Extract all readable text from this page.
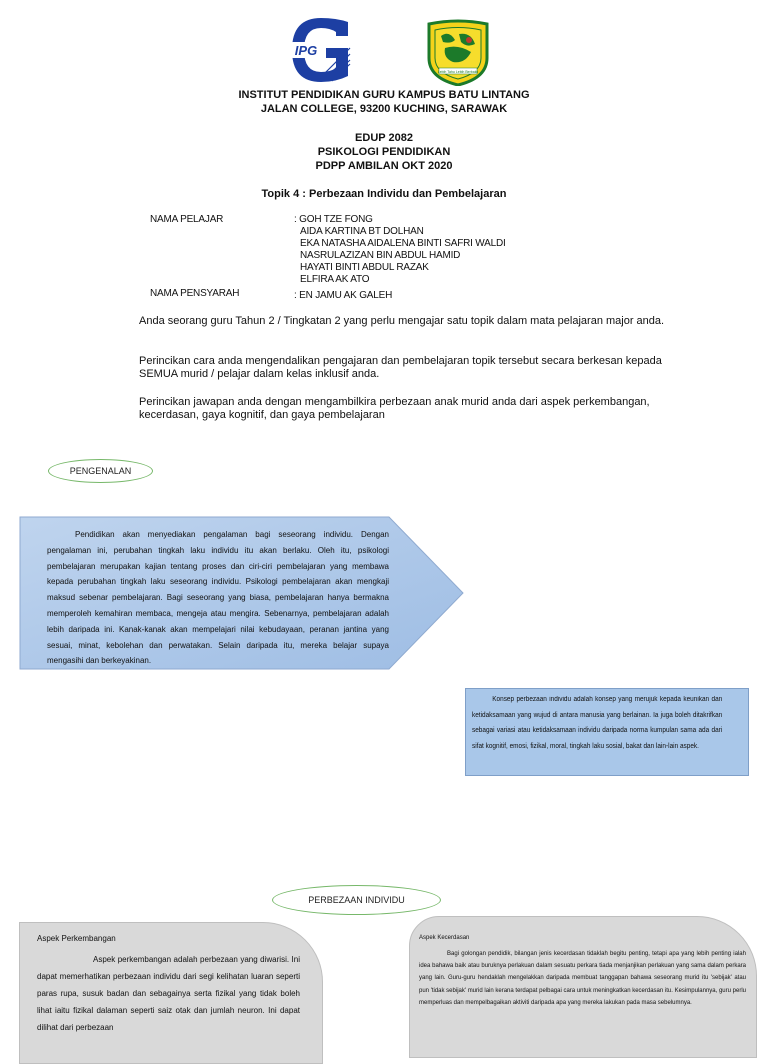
IPG
Lebih Tahu Lebih Berbakti
INSTITUT PENDIDIKAN GURU KAMPUS BATU LINTANG
JALAN COLLEGE, 93200 KUCHING, SARAWAK
EDUP 2082
PSIKOLOGI PENDIDIKAN
PDPP AMBILAN OKT 2020
Topik 4 : Perbezaan Individu dan Pembelajaran
NAMA PELAJAR	: GOH TZE FONG
AIDA KARTINA BT DOLHAN
EKA NATASHA AIDALENA BINTI SAFRI WALDI
NASRULAZIZAN BIN ABDUL HAMID
HAYATI BINTI ABDUL RAZAK
ELFIRA AK ATO
NAMA PENSYARAH	: EN JAMU AK GALEH
Anda seorang guru Tahun 2 / Tingkatan 2 yang perlu mengajar satu topik dalam mata pelajaran major anda.
Perincikan cara anda mengendalikan pengajaran dan pembelajaran topik tersebut secara berkesan kepada SEMUA murid / pelajar dalam kelas inklusif anda.
Perincikan jawapan anda dengan mengambilkira perbezaan anak murid anda dari aspek perkembangan, kecerdasan, gaya kognitif, dan gaya pembelajaran
PENGENALAN
Pendidikan akan menyediakan pengalaman bagi seseorang individu. Dengan pengalaman ini, perubahan tingkah laku individu itu akan berlaku. Oleh itu, psikologi pembelajaran merupakan kajian tentang proses dan ciri-ciri pembelajaran yang membawa kepada perubahan tingkah laku seseorang individu. Psikologi pembelajaran akan mengkaji maksud sebenar pembelajaran. Bagi seseorang yang biasa, pembelajaran hanya bermakna memperoleh kemahiran membaca, mengeja atau mengira. Sebenarnya, pembelajaran adalah lebih daripada ini. Kanak-kanak akan mempelajari nilai kebudayaan, peranan jantina yang sesuai, minat, kebolehan dan perwatakan. Selain daripada itu, mereka belajar supaya mengasihi dan berkeyakinan.
Konsep perbezaan individu adalah konsep yang merujuk kepada keunikan dan ketidaksamaan yang wujud di antara manusia yang berlainan. Ia juga boleh ditakrifkan sebagai variasi atau ketidaksamaan individu daripada norma kumpulan sama ada dari sifat kognitif, emosi, fizikal, moral, tingkah laku sosial, bakat dan lain-lain aspek.
PERBEZAAN INDIVIDU
Aspek Perkembangan
Aspek perkembangan adalah perbezaan yang diwarisi. Ini dapat memerhatikan perbezaan individu dari segi kelihatan luaran seperti paras rupa, susuk badan dan sebagainya serta fizikal yang tidak boleh lihat iaitu fizikal dalaman seperti saiz otak dan jumlah neuron. Ini dapat dilihat dari perbezaan
Aspek Kecerdasan
Bagi golongan pendidik, bilangan jenis kecerdasan tidaklah begitu penting, tetapi apa yang lebih penting ialah idea bahawa baik atau buruknya perlakuan dalam sesuatu perkara tiada menjanjikan perlakuan yang sama dalam perkara yang lain. Guru-guru hendaklah mengelakkan daripada membuat tanggapan bahawa seseorang murid itu 'sebijak' atau pun 'tidak sebijak' murid lain kerana terdapat pelbagai cara untuk meningkatkan kecerdasan itu. Kesimpulannya, guru perlu memperluas dan mempelbagaikan aktiviti daripada apa yang mereka lakukan pada masa sebelumnya.
